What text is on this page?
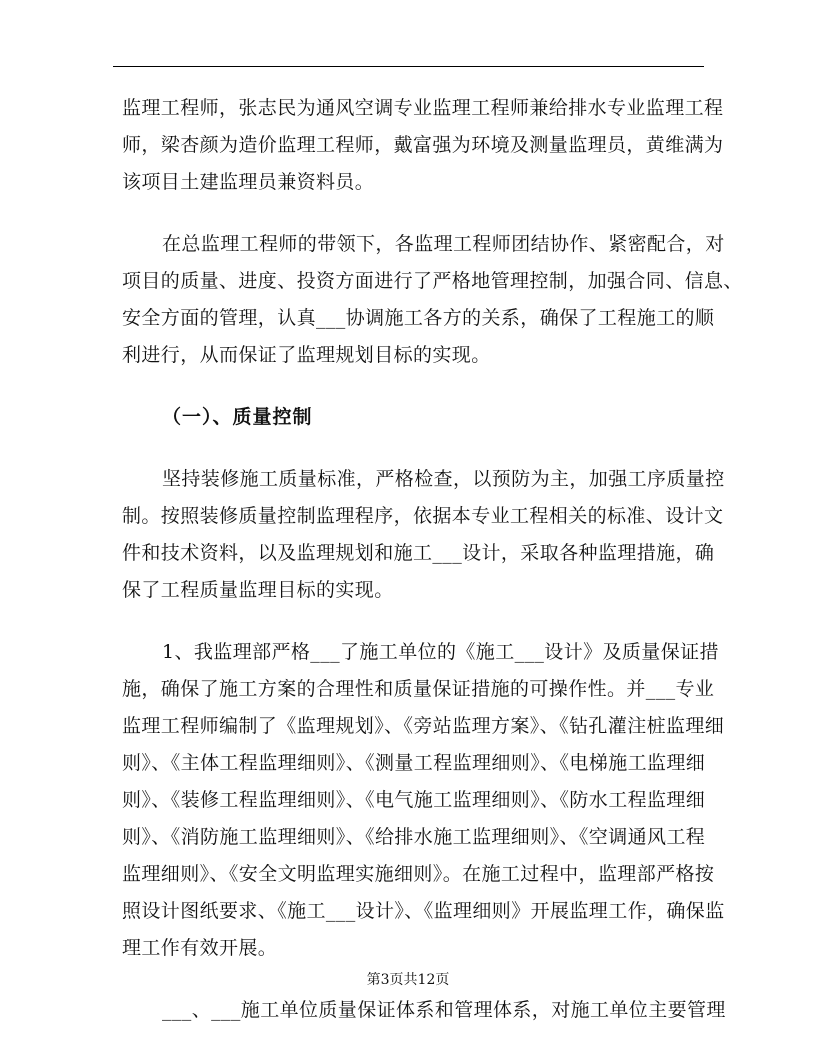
监理工程师，张志民为通风空调专业监理工程师兼给排水专业监理工程
师，梁杏颜为造价监理工程师，戴富强为环境及测量监理员，黄维满为
该项目土建监理员兼资料员。
在总监理工程师的带领下，各监理工程师团结协作、紧密配合，对
项目的质量、进度、投资方面进行了严格地管理控制，加强合同、信息、
安全方面的管理，认真___协调施工各方的关系，确保了工程施工的顺
利进行，从而保证了监理规划目标的实现。
（一）、质量控制
坚持装修施工质量标准，严格检查，以预防为主，加强工序质量控
制。按照装修质量控制监理程序，依据本专业工程相关的标准、设计文
件和技术资料，以及监理规划和施工___设计，采取各种监理措施，确
保了工程质量监理目标的实现。
1、我监理部严格___了施工单位的《施工___设计》及质量保证措
施，确保了施工方案的合理性和质量保证措施的可操作性。并___专业
监理工程师编制了《监理规划》、《旁站监理方案》、《钻孔灌注桩监理细
则》、《主体工程监理细则》、《测量工程监理细则》、《电梯施工监理细
则》、《装修工程监理细则》、《电气施工监理细则》、《防水工程监理细
则》、《消防施工监理细则》、《给排水施工监理细则》、《空调通风工程
监理细则》、《安全文明监理实施细则》。在施工过程中，监理部严格按
照设计图纸要求、《施工___设计》、《监理细则》开展监理工作，确保监
理工作有效开展。
___、___施工单位质量保证体系和管理体系，对施工单位主要管理
第3页共12页
